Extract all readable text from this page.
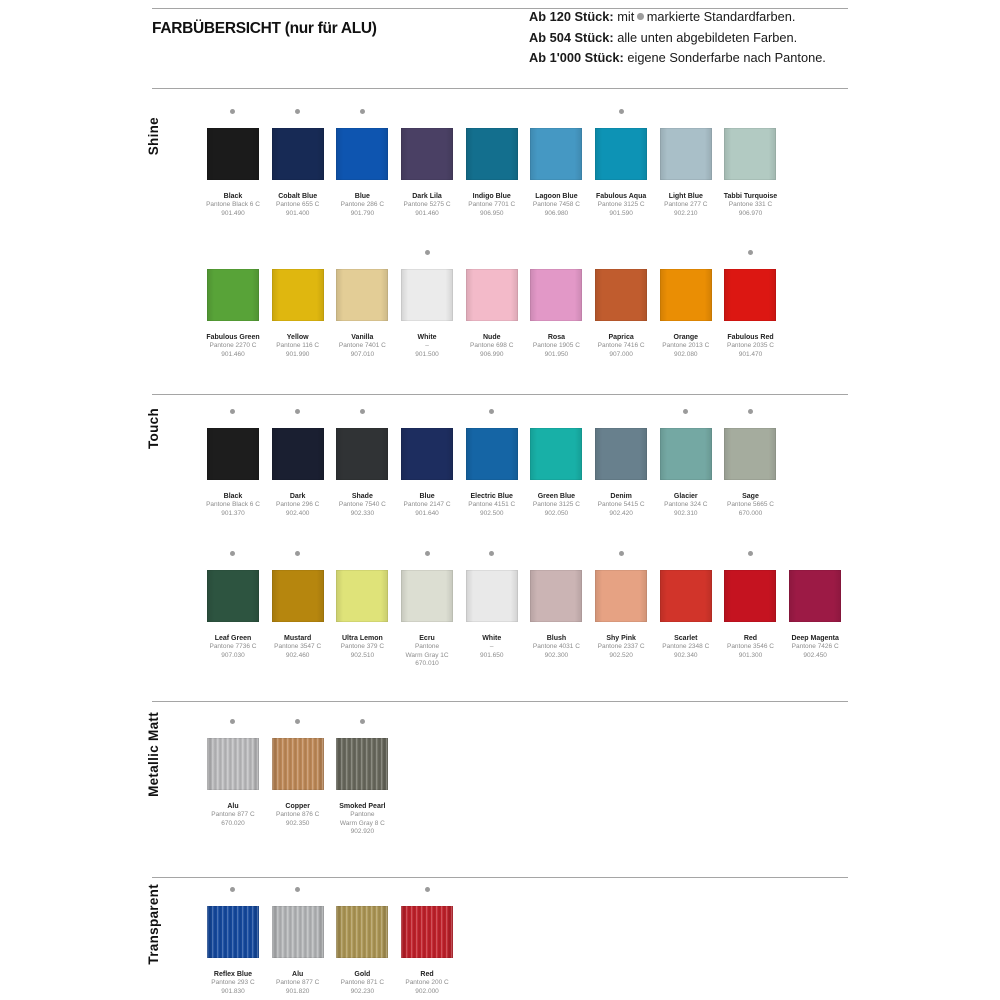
FARBÜBERSICHT (nur für ALU)
Ab 120 Stück: mit markierte Standardfarben.
Ab 504 Stück: alle unten abgebildeten Farben.
Ab 1'000 Stück: eigene Sonderfarbe nach Pantone.
Shine
Black
Pantone Black 6 C
901.490
Cobalt Blue
Pantone 655 C
901.400
Blue
Pantone 286 C
901.790
Dark Lila
Pantone 5275 C
901.460
Indigo Blue
Pantone 7701 C
906.950
Lagoon Blue
Pantone 7458 C
906.980
Fabulous Aqua
Pantone 3125 C
901.590
Light Blue
Pantone 277 C
902.210
Tabbi Turquoise
Pantone 331 C
906.970
Fabulous Green
Pantone 2270 C
901.460
Yellow
Pantone 116 C
901.990
Vanilla
Pantone 7401 C
907.010
White
–
901.500
Nude
Pantone 698 C
906.990
Rosa
Pantone 1905 C
901.950
Paprica
Pantone 7416 C
907.000
Orange
Pantone 2013 C
902.080
Fabulous Red
Pantone 2035 C
901.470
Touch
Black
Pantone Black 6 C
901.370
Dark
Pantone 296 C
902.400
Shade
Pantone 7540 C
902.330
Blue
Pantone 2147 C
901.640
Electric Blue
Pantone 4151 C
902.500
Green Blue
Pantone 3125 C
902.050
Denim
Pantone 5415 C
902.420
Glacier
Pantone 324 C
902.310
Sage
Pantone 5665 C
670.000
Leaf Green
Pantone 7736 C
907.030
Mustard
Pantone 3547 C
902.460
Ultra Lemon
Pantone 379 C
902.510
Ecru
Pantone
Warm Gray 1C
670.010
White
–
901.650
Blush
Pantone 4031 C
902.300
Shy Pink
Pantone 2337 C
902.520
Scarlet
Pantone 2348 C
902.340
Red
Pantone 3546 C
901.300
Deep Magenta
Pantone 7426 C
902.450
Metallic Matt
Alu
Pantone 877 C
670.020
Copper
Pantone 876 C
902.350
Smoked Pearl
Pantone
Warm Gray 8 C
902.920
Transparent
Reflex Blue
Pantone 293 C
901.830
Alu
Pantone 877 C
901.820
Gold
Pantone 871 C
902.230
Red
Pantone 200 C
902.000
